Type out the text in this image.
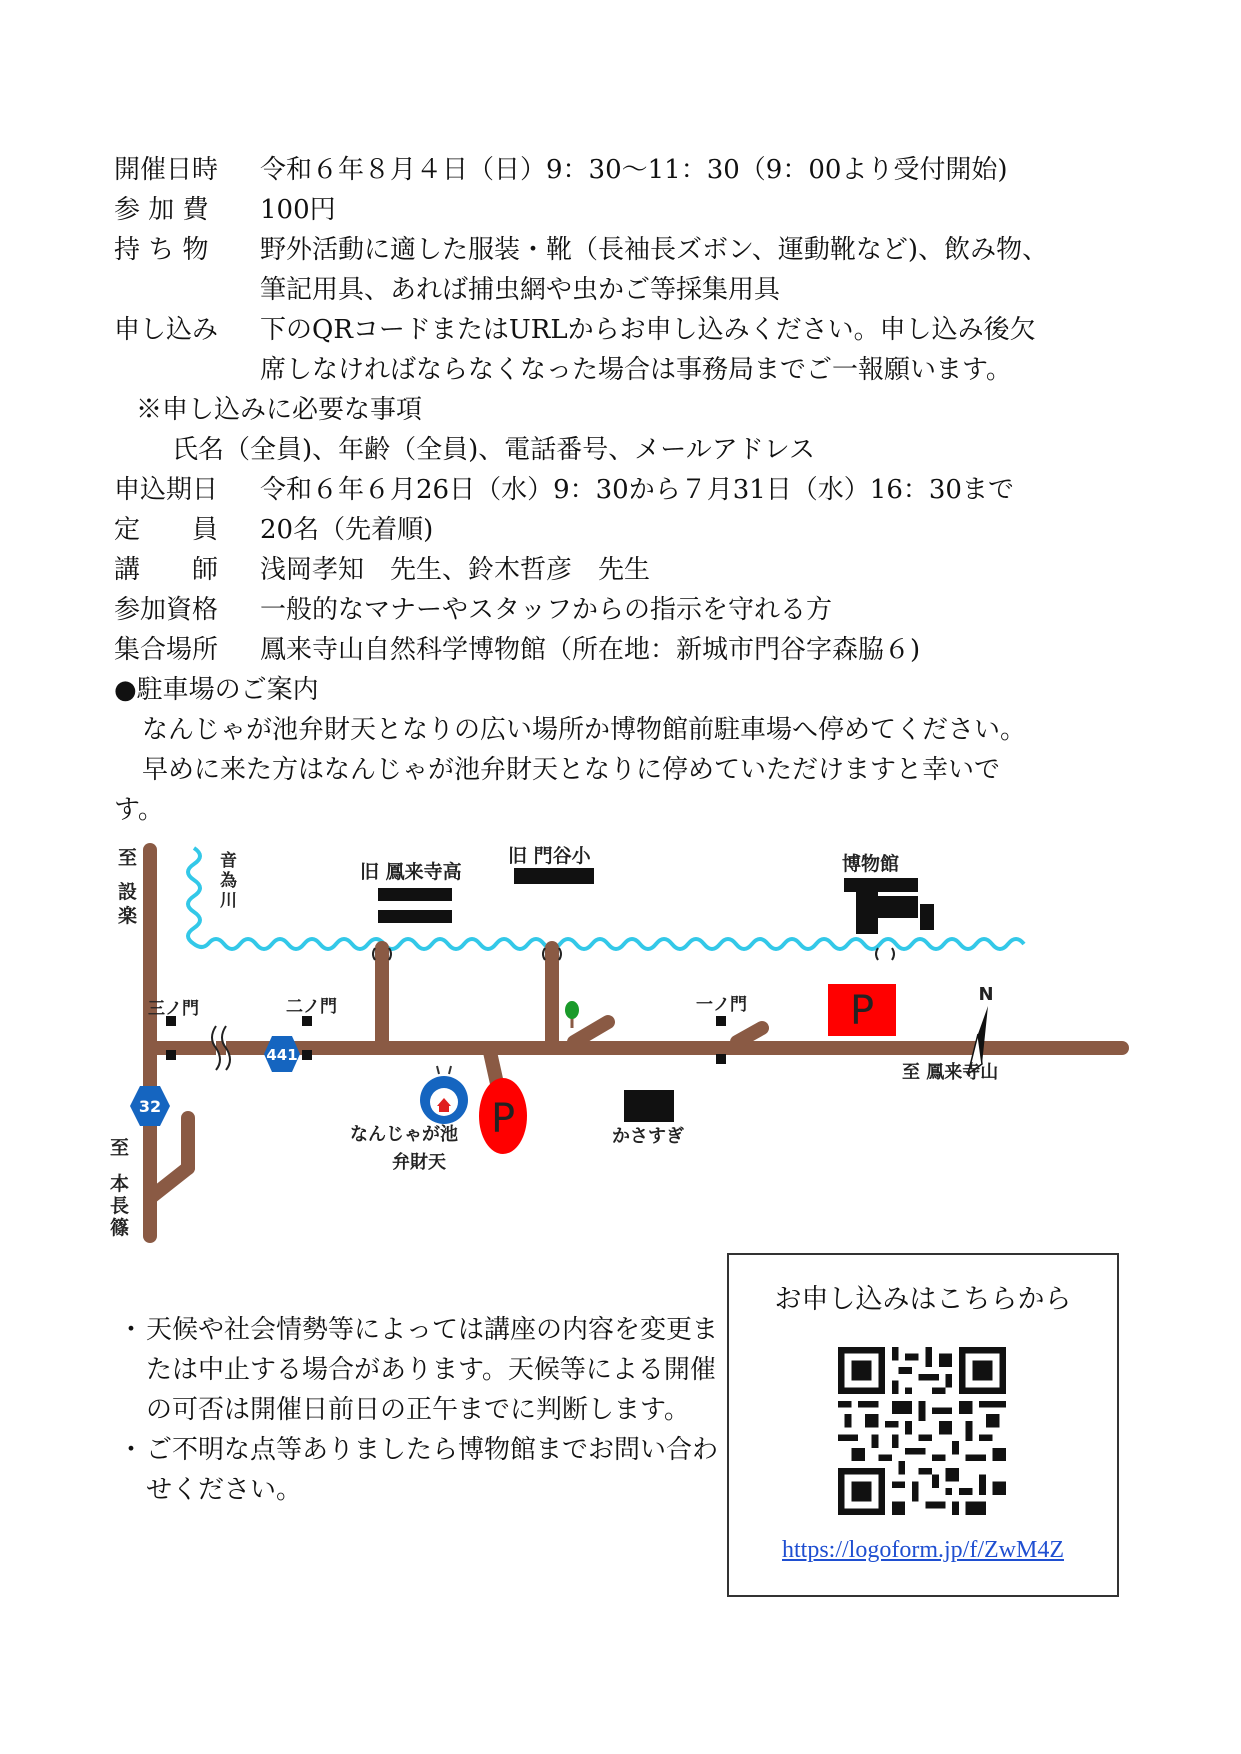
開催日時	令和６年８月４日（日）9：30～11：30（9：00より受付開始)
参 加 費	100円
持 ち 物	野外活動に適した服装・靴（長袖長ズボン、運動靴など)、飲み物、
筆記用具、あれば捕虫網や虫かご等採集用具
申し込み	下のQRコードまたはURLからお申し込みください。申し込み後欠
席しなければならなくなった場合は事務局までご一報願います。
※申し込みに必要な事項
氏名（全員)、年齢（全員)、電話番号、メールアドレス
申込期日	令和６年６月26日（水）9：30から７月31日（水）16：30まで
定　　員	20名（先着順)
講　　師	浅岡孝知　先生、鈴木哲彦　先生
参加資格	一般的なマナーやスタッフからの指示を守れる方
集合場所	鳳来寺山自然科学博物館（所在地：新城市門谷字森脇６)
●駐車場のご案内
なんじゃが池弁財天となりの広い場所か博物館前駐車場へ停めてください。
早めに来た方はなんじゃが池弁財天となりに停めていただけますと幸いで
す。
P
P
441
32
N
至 設 楽
音 為 川
旧 鳳来寺高
旧 門谷小	博物館
三ノ門	二ノ門	一ノ門
至 鳳来寺山
なんじゃが池
弁財天
かさすぎ
至 本 長 篠
・ 天候や社会情勢等によっては講座の内容を変更または中止する場合があります。天候等による開催の可否は開催日前日の正午までに判断します。
・ ご不明な点等ありましたら博物館までお問い合わせください。
お申し込みはこちらから
https://logoform.jp/f/ZwM4Z
